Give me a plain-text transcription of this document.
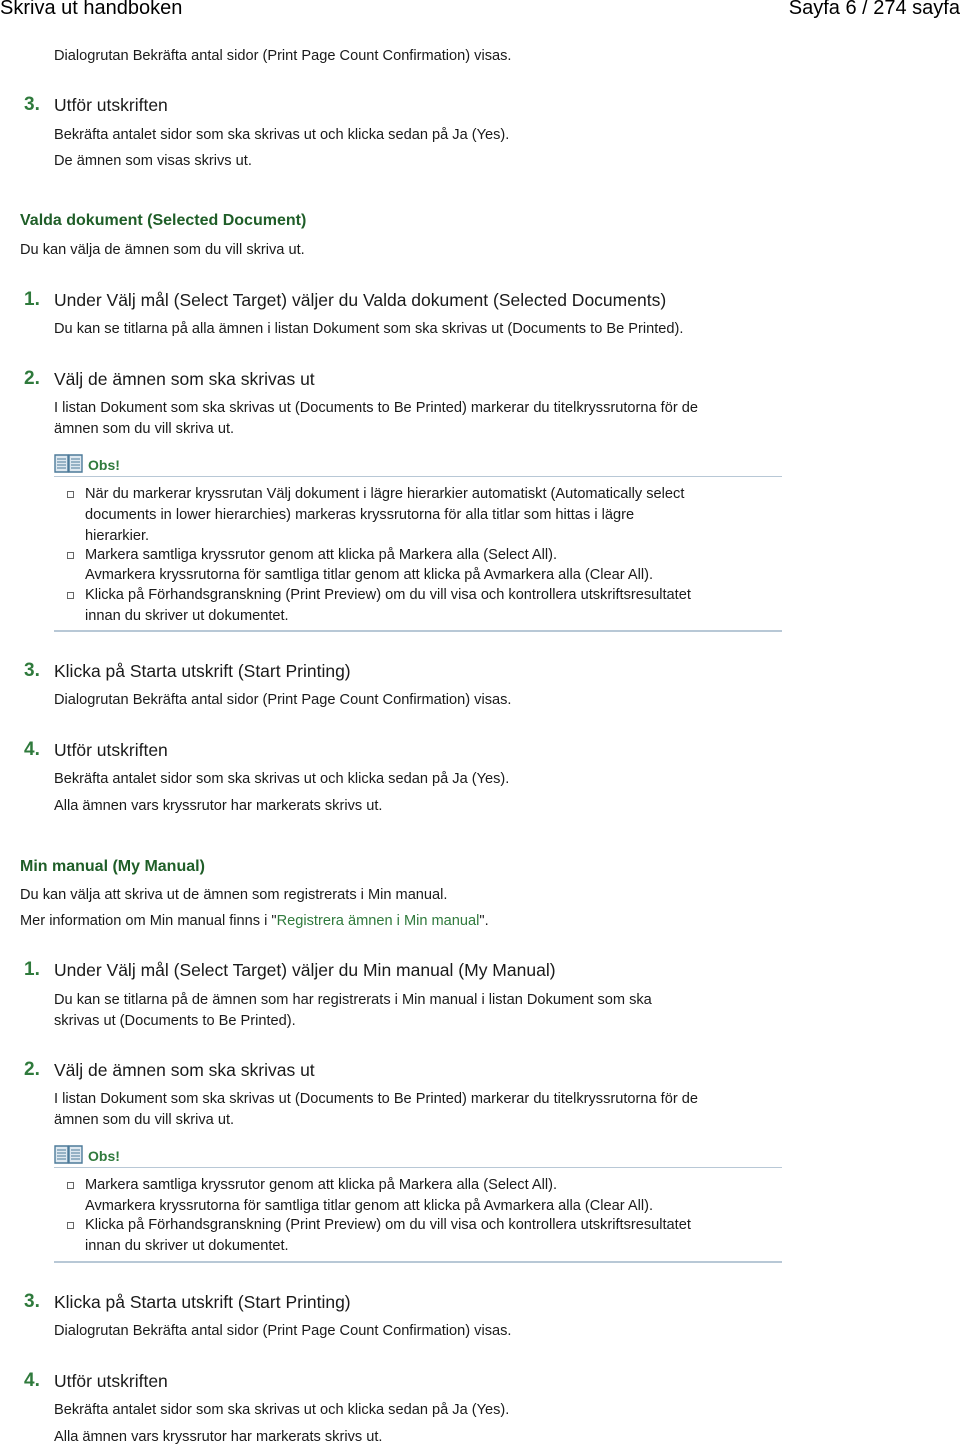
Skriva ut handboken	Sayfa 6 / 274 sayfa
Dialogrutan Bekräfta antal sidor (Print Page Count Confirmation) visas.
3. Utför utskriften
Bekräfta antalet sidor som ska skrivas ut och klicka sedan på Ja (Yes).
De ämnen som visas skrivs ut.
Valda dokument (Selected Document)
Du kan välja de ämnen som du vill skriva ut.
1. Under Välj mål (Select Target) väljer du Valda dokument (Selected Documents)
Du kan se titlarna på alla ämnen i listan Dokument som ska skrivas ut (Documents to Be Printed).
2. Välj de ämnen som ska skrivas ut
I listan Dokument som ska skrivas ut (Documents to Be Printed) markerar du titelkryssrutorna för de
ämnen som du vill skriva ut.
Obs!
När du markerar kryssrutan Välj dokument i lägre hierarkier automatiskt (Automatically select
documents in lower hierarchies) markeras kryssrutorna för alla titlar som hittas i lägre
hierarkier.
Markera samtliga kryssrutor genom att klicka på Markera alla (Select All).
Avmarkera kryssrutorna för samtliga titlar genom att klicka på Avmarkera alla (Clear All).
Klicka på Förhandsgranskning (Print Preview) om du vill visa och kontrollera utskriftsresultatet
innan du skriver ut dokumentet.
3. Klicka på Starta utskrift (Start Printing)
Dialogrutan Bekräfta antal sidor (Print Page Count Confirmation) visas.
4. Utför utskriften
Bekräfta antalet sidor som ska skrivas ut och klicka sedan på Ja (Yes).
Alla ämnen vars kryssrutor har markerats skrivs ut.
Min manual (My Manual)
Du kan välja att skriva ut de ämnen som registrerats i Min manual.
Mer information om Min manual finns i "Registrera ämnen i Min manual".
1. Under Välj mål (Select Target) väljer du Min manual (My Manual)
Du kan se titlarna på de ämnen som har registrerats i Min manual i listan Dokument som ska
skrivas ut (Documents to Be Printed).
2. Välj de ämnen som ska skrivas ut
I listan Dokument som ska skrivas ut (Documents to Be Printed) markerar du titelkryssrutorna för de
ämnen som du vill skriva ut.
Obs!
Markera samtliga kryssrutor genom att klicka på Markera alla (Select All).
Avmarkera kryssrutorna för samtliga titlar genom att klicka på Avmarkera alla (Clear All).
Klicka på Förhandsgranskning (Print Preview) om du vill visa och kontrollera utskriftsresultatet
innan du skriver ut dokumentet.
3. Klicka på Starta utskrift (Start Printing)
Dialogrutan Bekräfta antal sidor (Print Page Count Confirmation) visas.
4. Utför utskriften
Bekräfta antalet sidor som ska skrivas ut och klicka sedan på Ja (Yes).
Alla ämnen vars kryssrutor har markerats skrivs ut.
